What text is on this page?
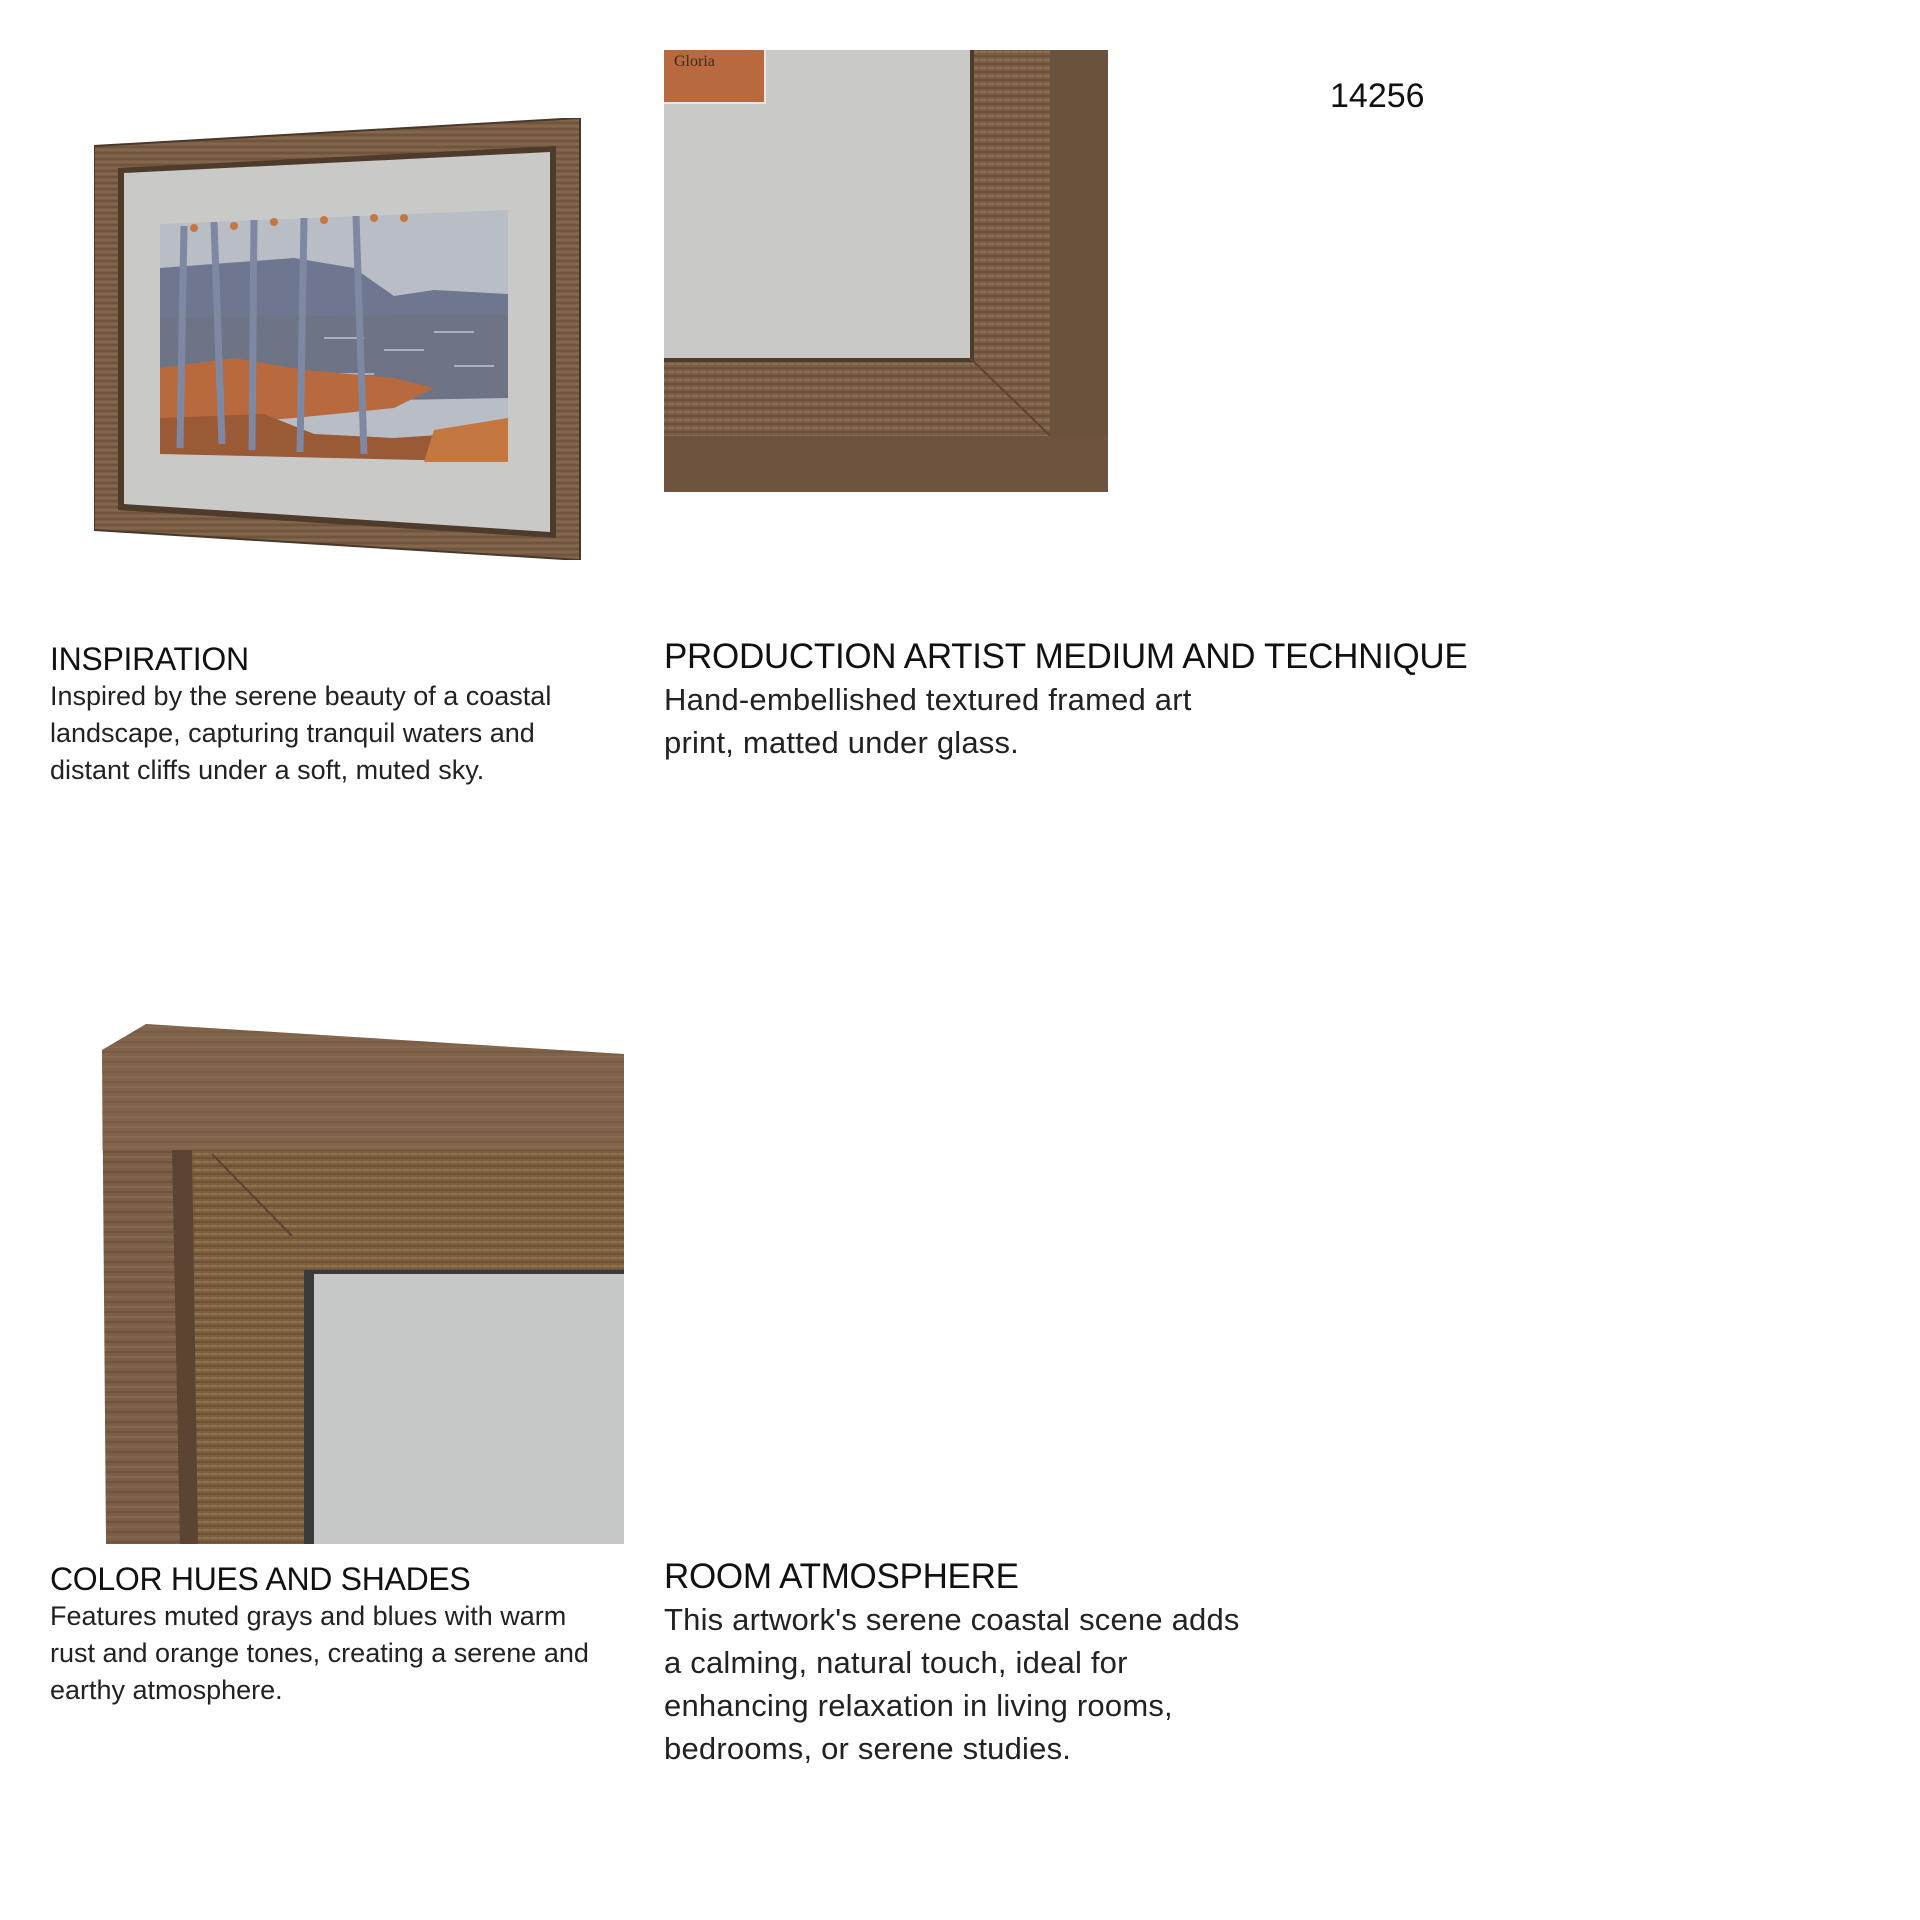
14256
Gloria
INSPIRATION
Inspired by the serene beauty of a coastal
landscape, capturing tranquil waters and
distant cliffs under a soft, muted sky.
PRODUCTION ARTIST MEDIUM AND TECHNIQUE
Hand-embellished textured framed art
print, matted under glass.
COLOR HUES AND SHADES
Features muted grays and blues with warm
rust and orange tones, creating a serene and
earthy atmosphere.
ROOM ATMOSPHERE
This artwork's serene coastal scene adds
a calming, natural touch, ideal for
enhancing relaxation in living rooms,
bedrooms, or serene studies.
